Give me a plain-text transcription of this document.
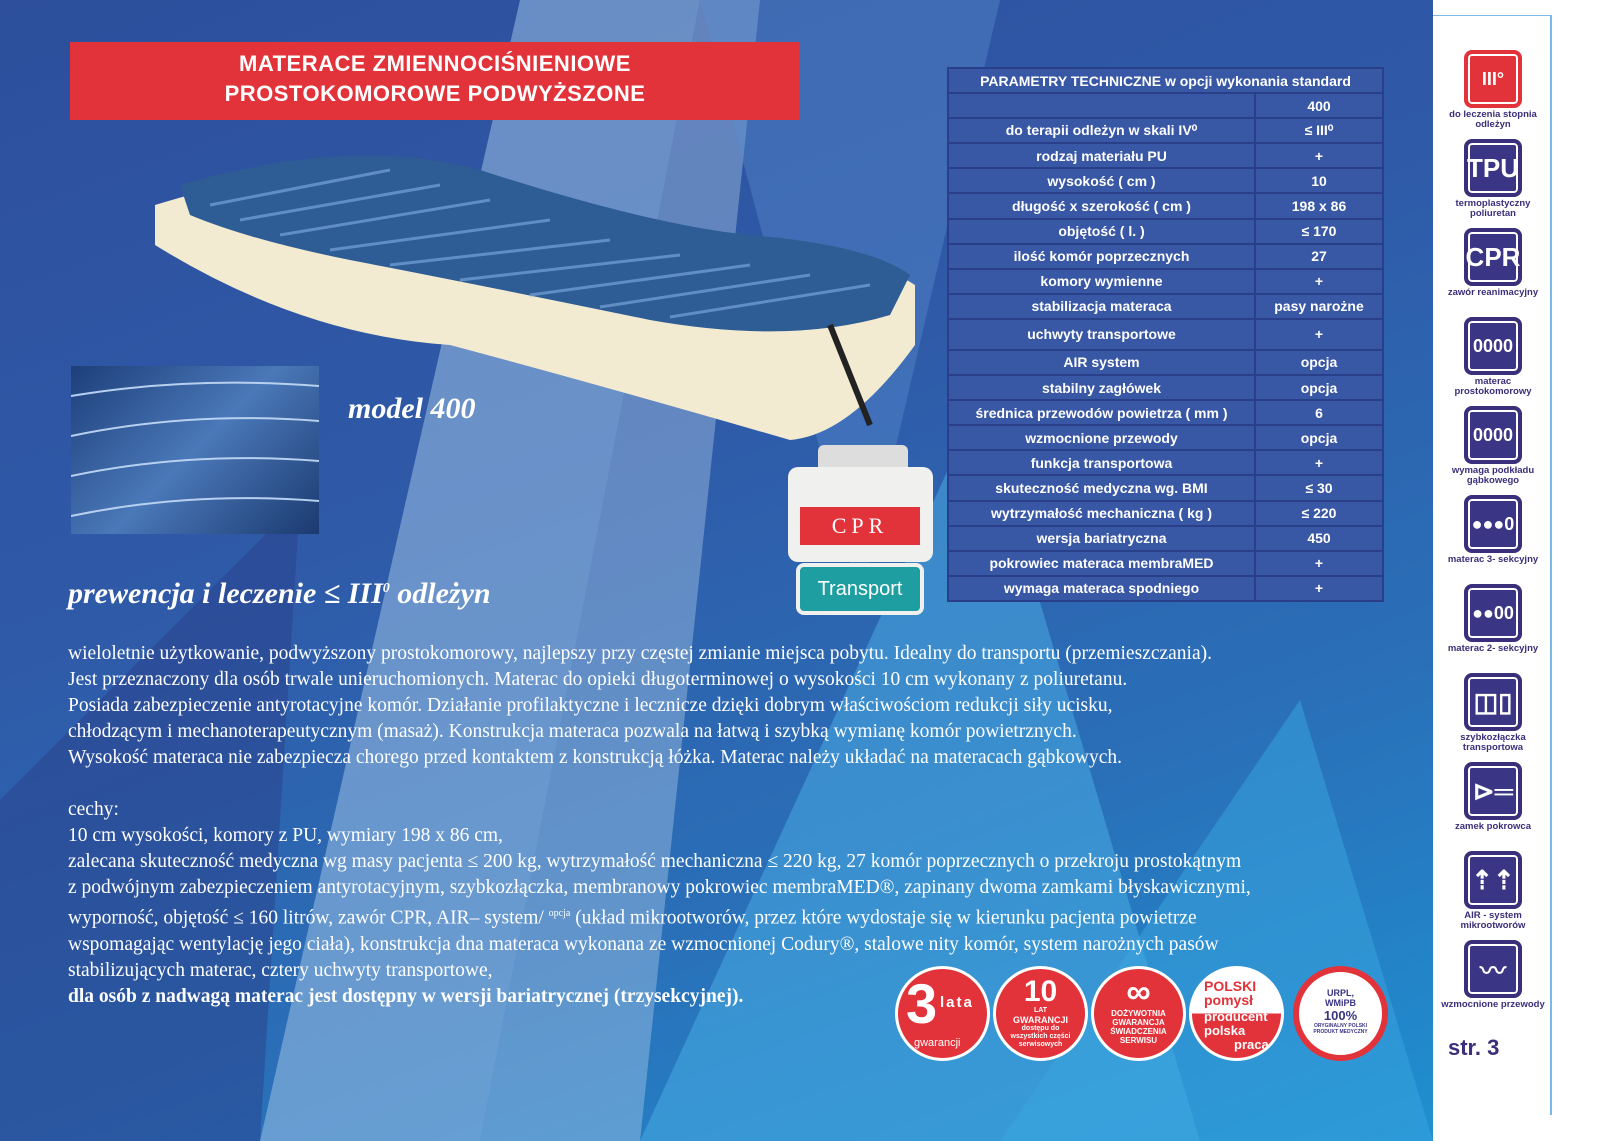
MATERACE ZMIENNOCIŚNIENIOWE
PROSTOKOMOROWE PODWYŻSZONE
model 400
prewencja i leczenie ≤ $III^0$ odleżyn
CPR
Transport
PARAMETRY TECHNICZNE w opcji wykonania standard	
	400
do terapii odleżyn w skali IV⁰	≤ III⁰
rodzaj materiału PU	+
wysokość ( cm )	10
długość x szerokość ( cm )	198 x 86
objętość ( l. )	≤ 170
ilość komór poprzecznych	27
komory wymienne	+
stabilizacja materaca	pasy narożne
uchwyty transportowe	+
AIR system	opcja
stabilny zagłówek	opcja
średnica przewodów powietrza ( mm )	6
wzmocnione przewody	opcja
funkcja transportowa	+
skuteczność medyczna wg. BMI	≤ 30
wytrzymałość mechaniczna ( kg )	≤ 220
wersja bariatryczna	450
pokrowiec materaca membraMED	+
wymaga materaca spodniego	+

wieloletnie użytkowanie, podwyższony prostokomorowy, najlepszy przy częstej zmianie miejsca pobytu. Idealny do transportu (przemieszczania).

Jest przeznaczony dla osób trwale unieruchomionych. Materac do opieki długoterminowej o wysokości 10 cm wykonany z poliuretanu.

Posiada zabezpieczenie antyrotacyjne komór. Działanie profilaktyczne i lecznicze dzięki dobrym właściwościom redukcji siły ucisku,

chłodzącym i mechanoterapeutycznym (masaż). Konstrukcja materaca pozwala na łatwą i szybką wymianę komór powietrznych.

Wysokość materaca nie zabezpiecza chorego przed kontaktem z konstrukcją łóżka. Materac należy układać na materacach gąbkowych.

cechy:

10 cm wysokości, komory z PU, wymiary 198 x 86 cm,

zalecana skuteczność medyczna wg masy pacjenta ≤ 200 kg, wytrzymałość mechaniczna ≤ 220 kg, 27 komór poprzecznych o przekroju prostokątnym

z podwójnym zabezpieczeniem antyrotacyjnym, szybkozłączka, membranowy pokrowiec membraMED®, zapinany dwoma zamkami błyskawicznymi,

wyporność, objętość ≤ 160 litrów, zawór CPR, AIR– system/ $^{opcja}$ (układ mikrootworów, przez które wydostaje się w kierunku pacjenta powietrze

wspomagając wentylację jego ciała), konstrukcja dna materaca wykonana ze wzmocnionej Codury®, stalowe nity komór, system narożnych pasów

stabilizujących materac, cztery uchwyty transportowe,

dla osób z nadwagą materac jest dostępny w wersji bariatrycznej (trzysekcyjnej).	3 lata
gwarancji
10
LAT
GWARANCJI
dostępu do wszystkich części serwisowych
∞
DOŻYWOTNIA GWARANCJA ŚWIADCZENIA SERWISU
POLSKI
pomysł
producent
polska
praca
URPL, WMiPB
100%
ORYGINALNY POLSKI PRODUKT MEDYCZNY
III°
do leczenia stopnia odleżyn
TPU
termoplastyczny poliuretan
CPR
zawór reanimacyjny
0000
materac prostokomorowy
0000
wymaga podkładu gąbkowego
●●●0
materac 3- sekcyjny
●●00
materac 2- sekcyjny
◫▯
szybkozłączka transportowa
⊳═
zamek pokrowca
⇡⇡
AIR - system mikrootworów
〰
wzmocnione przewody
str. 3
